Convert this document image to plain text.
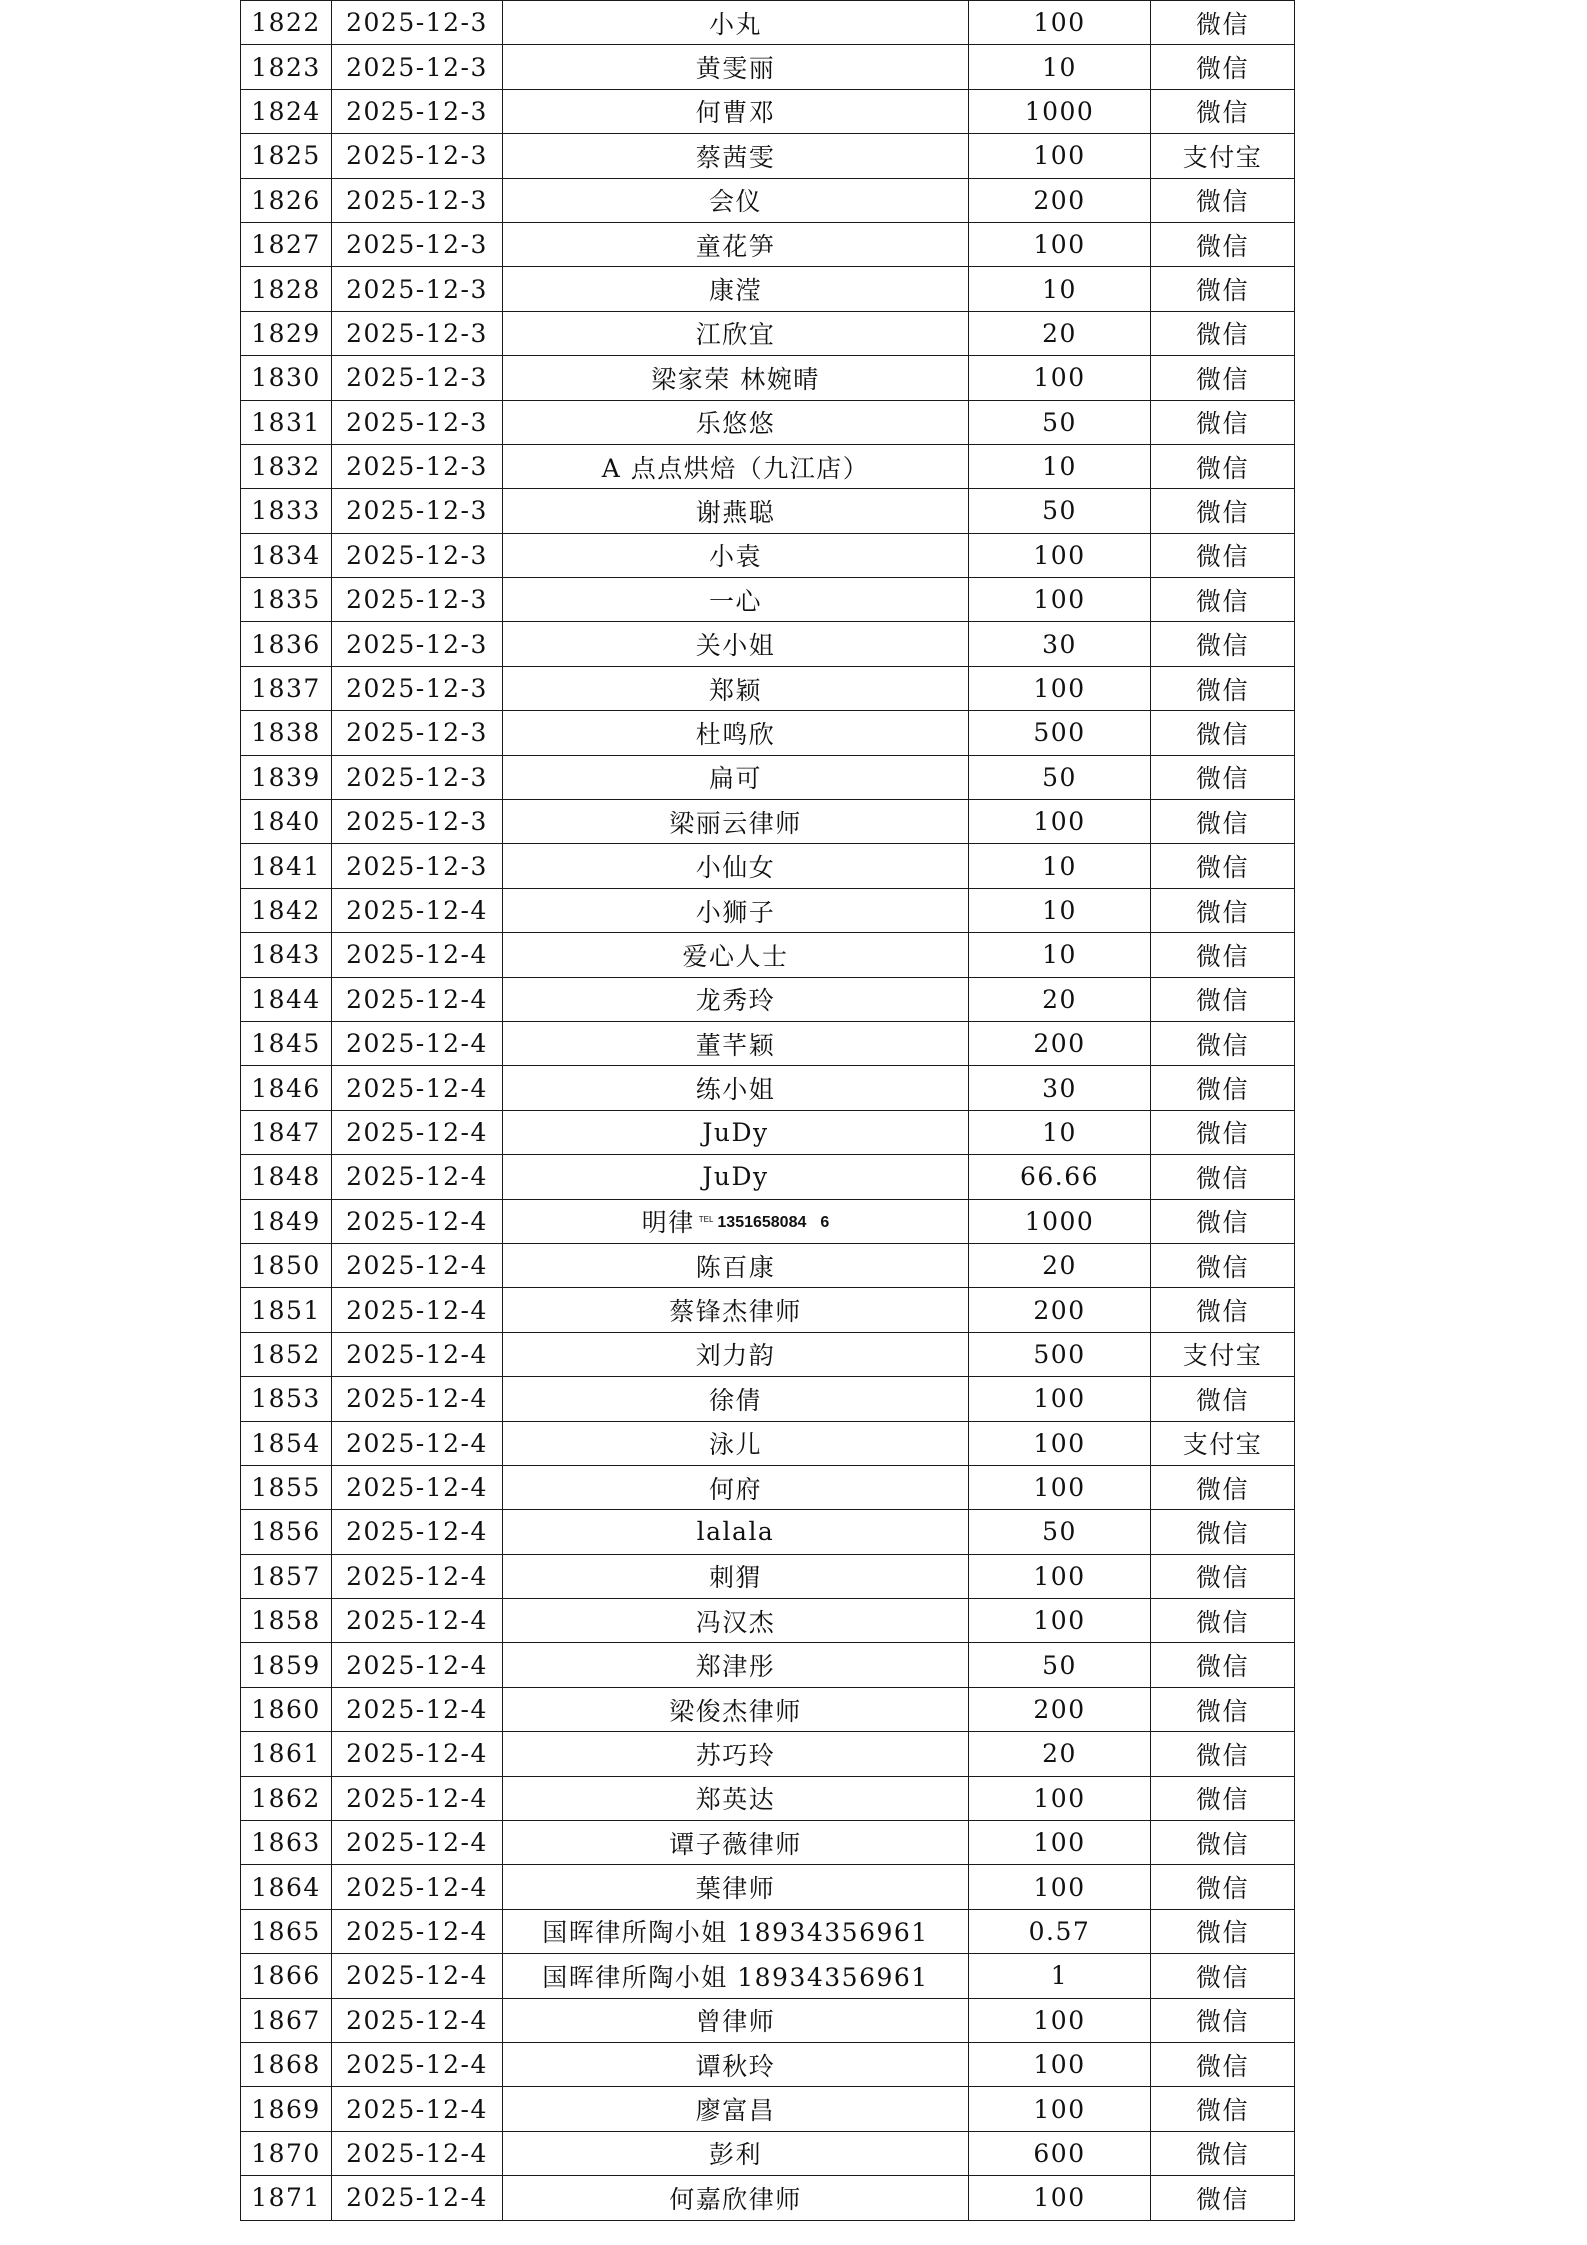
1822	2025-12-3	小丸	100	微信
1823	2025-12-3	黄雯丽	10	微信
1824	2025-12-3	何曹邓	1000	微信
1825	2025-12-3	蔡茜雯	100	支付宝
1826	2025-12-3	会仪	200	微信
1827	2025-12-3	童花笋	100	微信
1828	2025-12-3	康滢	10	微信
1829	2025-12-3	江欣宜	20	微信
1830	2025-12-3	梁家荣 林婉晴	100	微信
1831	2025-12-3	乐悠悠	50	微信
1832	2025-12-3	A 点点烘焙（九江店）	10	微信
1833	2025-12-3	谢燕聪	50	微信
1834	2025-12-3	小袁	100	微信
1835	2025-12-3	一心	100	微信
1836	2025-12-3	关小姐	30	微信
1837	2025-12-3	郑颖	100	微信
1838	2025-12-3	杜鸣欣	500	微信
1839	2025-12-3	扁可	50	微信
1840	2025-12-3	梁丽云律师	100	微信
1841	2025-12-3	小仙女	10	微信
1842	2025-12-4	小狮子	10	微信
1843	2025-12-4	爱心人士	10	微信
1844	2025-12-4	龙秀玲	20	微信
1845	2025-12-4	董芊颖	200	微信
1846	2025-12-4	练小姐	30	微信
1847	2025-12-4	JuDy	10	微信
1848	2025-12-4	JuDy	66.66	微信
1849	2025-12-4	明律 $^{TEL}$ 1351658084 6	1000	微信
1850	2025-12-4	陈百康	20	微信
1851	2025-12-4	蔡锋杰律师	200	微信
1852	2025-12-4	刘力韵	500	支付宝
1853	2025-12-4	徐倩	100	微信
1854	2025-12-4	泳儿	100	支付宝
1855	2025-12-4	何府	100	微信
1856	2025-12-4	lalala	50	微信
1857	2025-12-4	刺猬	100	微信
1858	2025-12-4	冯汉杰	100	微信
1859	2025-12-4	郑津彤	50	微信
1860	2025-12-4	梁俊杰律师	200	微信
1861	2025-12-4	苏巧玲	20	微信
1862	2025-12-4	郑英达	100	微信
1863	2025-12-4	谭子薇律师	100	微信
1864	2025-12-4	葉律师	100	微信
1865	2025-12-4	国晖律所陶小姐 18934356961	0.57	微信
1866	2025-12-4	国晖律所陶小姐 18934356961	1	微信
1867	2025-12-4	曾律师	100	微信
1868	2025-12-4	谭秋玲	100	微信
1869	2025-12-4	廖富昌	100	微信
1870	2025-12-4	彭利	600	微信
1871	2025-12-4	何嘉欣律师	100	微信
